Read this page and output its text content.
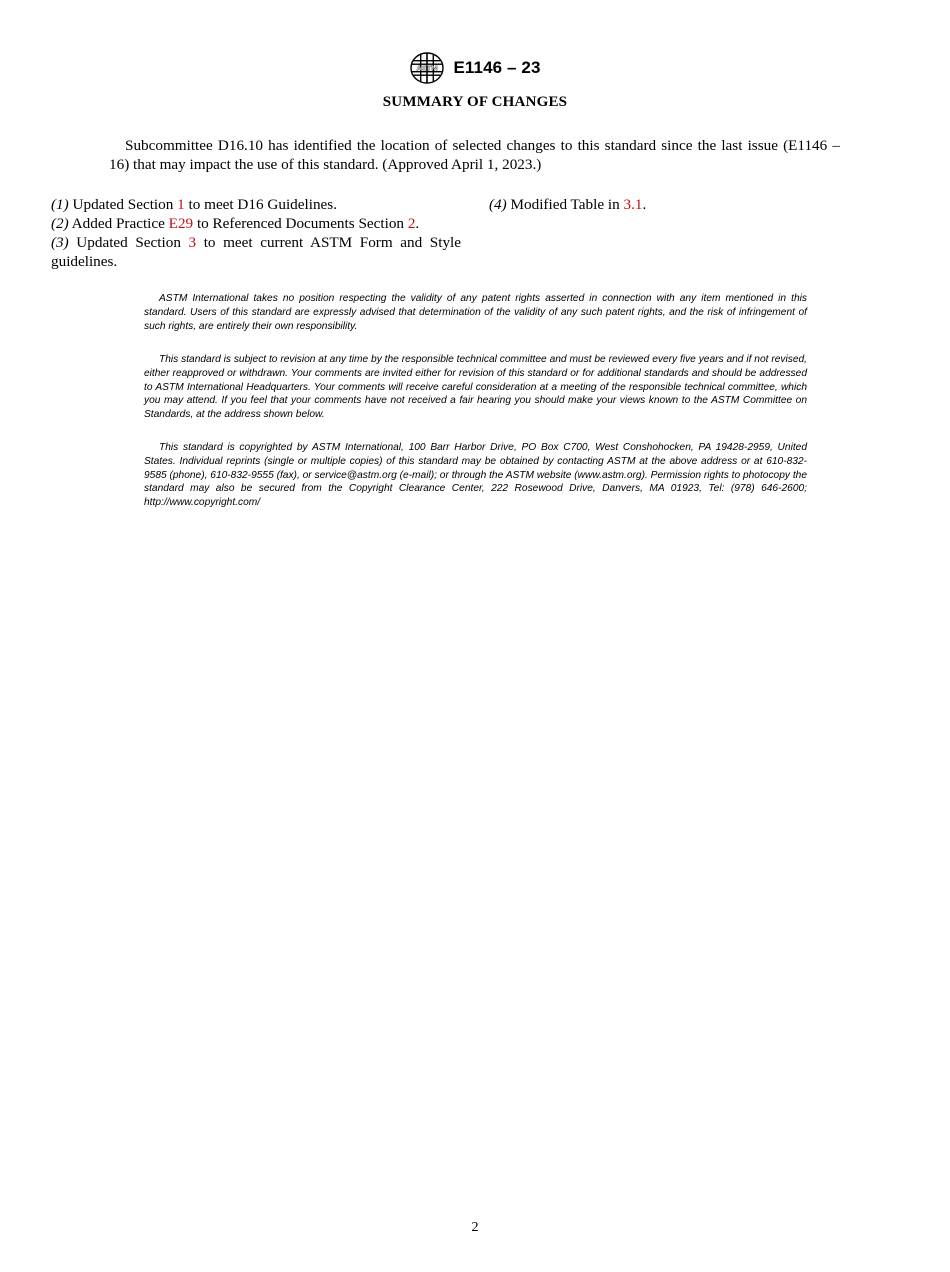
ASTM E1146 – 23
SUMMARY OF CHANGES

Subcommittee D16.10 has identified the location of selected changes to this standard since the last issue (E1146 – 16) that may impact the use of this standard. (Approved April 1, 2023.)

(1) Updated Section 1 to meet D16 Guidelines.

(2) Added Practice E29 to Referenced Documents Section 2.

(3) Updated Section 3 to meet current ASTM Form and Style guidelines.

(4) Modified Table in 3.1.

ASTM International takes no position respecting the validity of any patent rights asserted in connection with any item mentioned in this standard. Users of this standard are expressly advised that determination of the validity of any such patent rights, and the risk of infringement of such rights, are entirely their own responsibility.

This standard is subject to revision at any time by the responsible technical committee and must be reviewed every five years and if not revised, either reapproved or withdrawn. Your comments are invited either for revision of this standard or for additional standards and should be addressed to ASTM International Headquarters. Your comments will receive careful consideration at a meeting of the responsible technical committee, which you may attend. If you feel that your comments have not received a fair hearing you should make your views known to the ASTM Committee on Standards, at the address shown below.

This standard is copyrighted by ASTM International, 100 Barr Harbor Drive, PO Box C700, West Conshohocken, PA 19428-2959, United States. Individual reprints (single or multiple copies) of this standard may be obtained by contacting ASTM at the above address or at 610-832-9585 (phone), 610-832-9555 (fax), or service@astm.org (e-mail); or through the ASTM website (www.astm.org). Permission rights to photocopy the standard may also be secured from the Copyright Clearance Center, 222 Rosewood Drive, Danvers, MA 01923, Tel: (978) 646-2600; http://www.copyright.com/

2
